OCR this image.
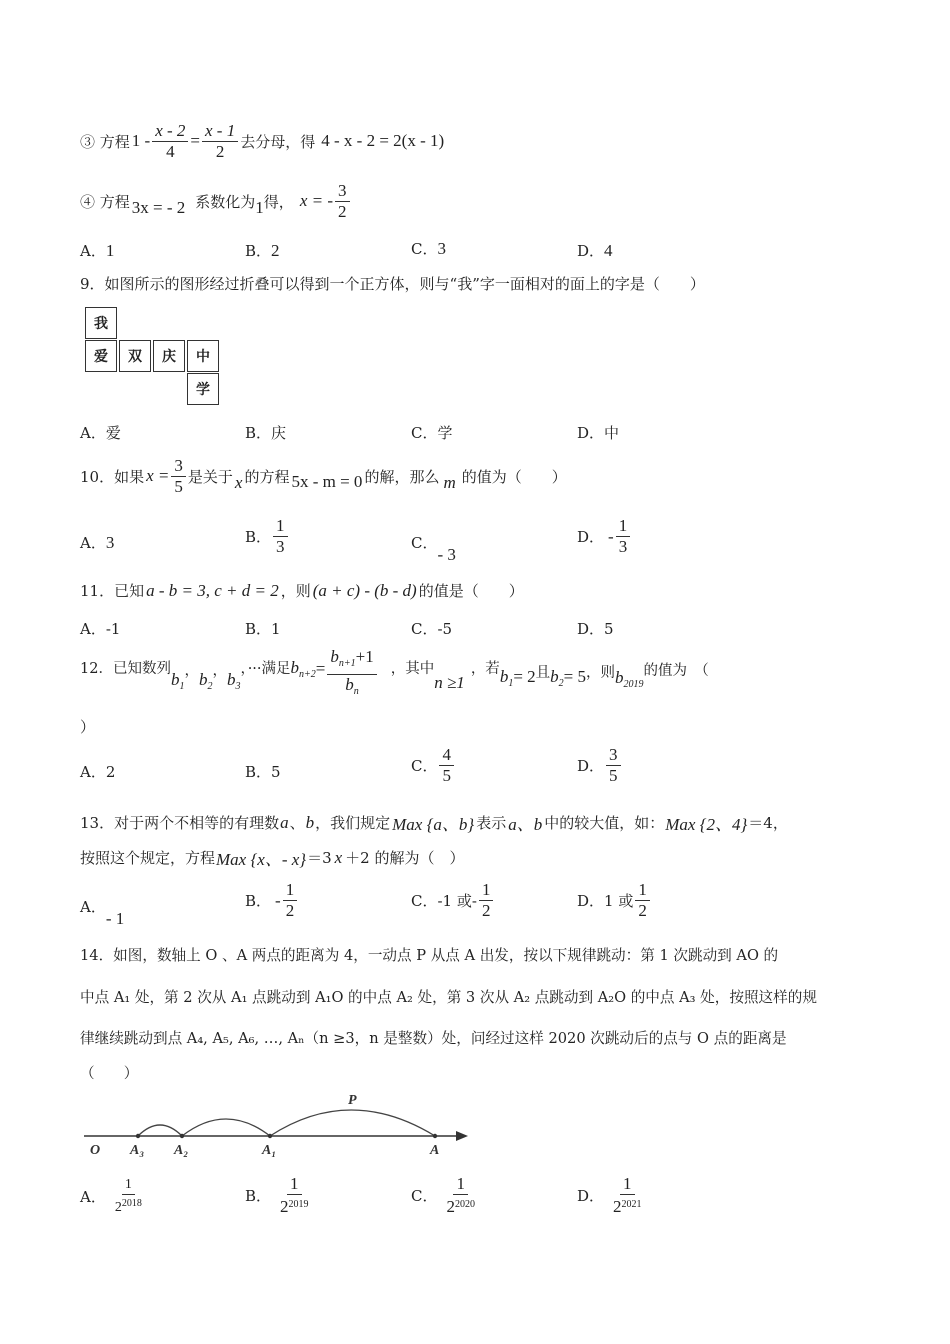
③ 方程 $1 - \frac{x - 2}{4} = \frac{x - 1}{2}$ 去分母，得 4 - x - 2 = 2(x - 1)
④ 方程 3x = - 2 系数化为 1 得， x = - $\frac{3}{2}$
A．1	B．2	C．3	D．4
9．如图所示的图形经过折叠可以得到一个正方体，则与“我”字一面相对的面上的字是（　　）
我
爱	双	庆	中
学
A．爱	B．庆	C．学	D．中
10．如果 $x = \frac{3}{5}$ 是关于 x 的方程 5x - m = 0 的解，那么 m 的值为（　　）
A．3	B． $\frac{1}{3}$	C．- 3
D． - $\frac{1}{3}$
11．已知 a - b = 3, c + d = 2 ，则 (a + c) - (b - d) 的值是（　　）
A．-1	B．1	C．-5	D．5
12．已知数列
$b_1$
， $b_2$
， $b_3$
，···满足 $b_{n+2} = \frac{b_{n+1}+1}{b_n}$ ，其中
n ≥1
，若 $b_1= 2$ 且 $b_2= 5$ ，则 $b_{2019}$
的值为　（
）
A．2	B．5	C． $\frac{4}{5}$	D． $\frac{3}{5}$
13．对于两个不相等的有理数 a 、 b ，我们规定 Max {a、b} 表示 a、b 中的较大值，如： Max {2、4} ＝4，
按照这个规定，方程 Max {x、- x} ＝3 x ＋2 的解为（　）
A．- 1
B． - $\frac{1}{2}$	C． -1 或- $\frac{1}{2}$	D． 1 或 $\frac{1}{2}$
14．如图，数轴上 O 、A 两点的距离为 4，一动点 P 从点 A 出发，按以下规律跳动：第 1 次跳动到 AO 的
中点 A₁ 处，第 2 次从 A₁ 点跳动到 A₁O 的中点 A₂ 处，第 3 次从 A₂ 点跳动到 A₂O 的中点 A₃ 处，按照这样的规
律继续跳动到点 A₄, A₅, A₆, …, Aₙ（n ≥3，n 是整数）处，问经过这样 2020 次跳动后的点与 O 点的距离是
（　　）
O A₃ A₂	A₁	A
P
A． $\frac{1}{2^{2018}}$	B． $\frac{1}{2^{2019}}$	C． $\frac{1}{2^{2020}}$	D． $\frac{1}{2^{2021}}$
